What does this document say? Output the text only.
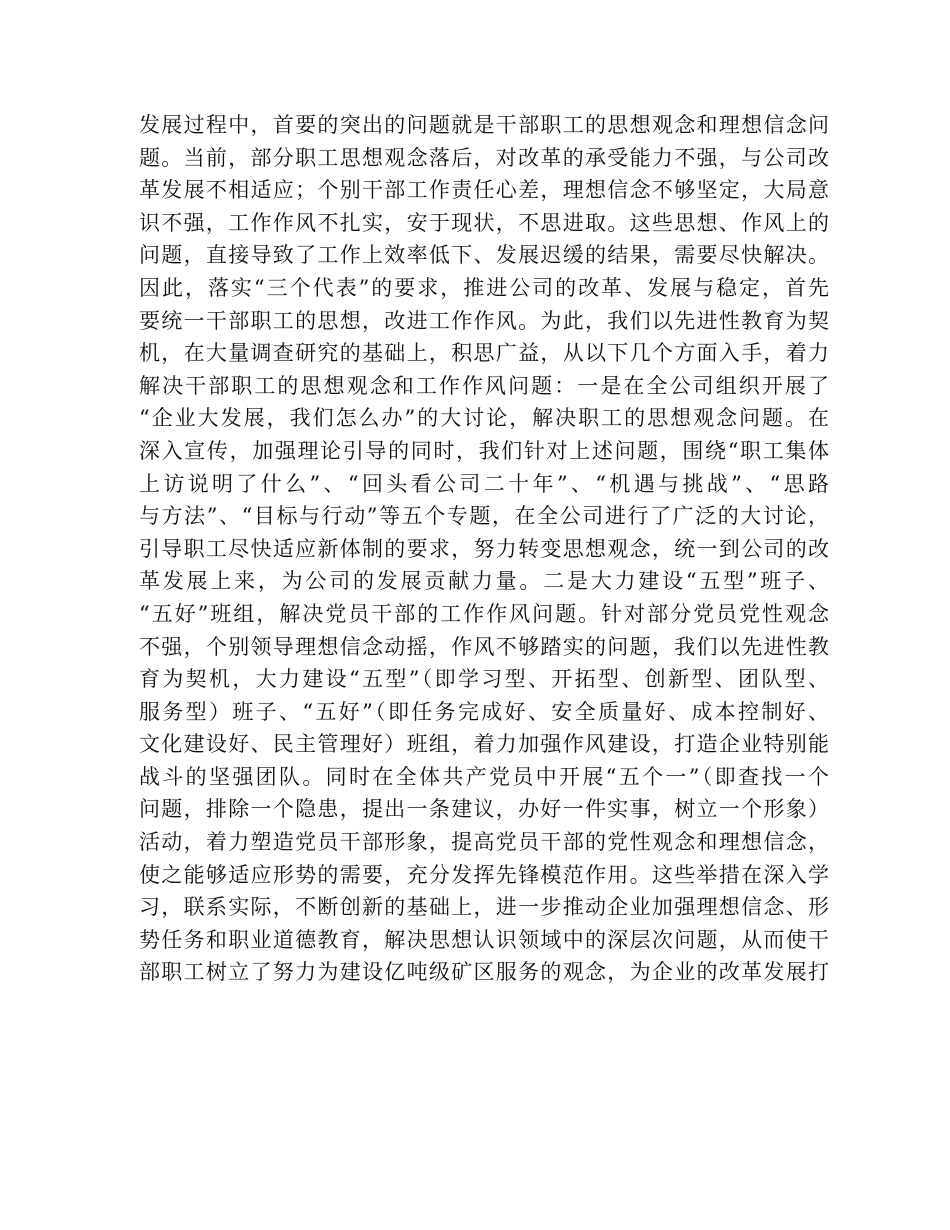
发展过程中，首要的突出的问题就是干部职工的思想观念和理想信念问
题。当前，部分职工思想观念落后，对改革的承受能力不强，与公司改
革发展不相适应；个别干部工作责任心差，理想信念不够坚定，大局意
识不强，工作作风不扎实，安于现状，不思进取。这些思想、作风上的
问题，直接导致了工作上效率低下、发展迟缓的结果，需要尽快解决。
因此，落实“三个代表”的要求，推进公司的改革、发展与稳定，首先
要统一干部职工的思想，改进工作作风。为此，我们以先进性教育为契
机，在大量调查研究的基础上，积思广益，从以下几个方面入手，着力
解决干部职工的思想观念和工作作风问题：一是在全公司组织开展了
“企业大发展，我们怎么办”的大讨论，解决职工的思想观念问题。在
深入宣传，加强理论引导的同时，我们针对上述问题，围绕“职工集体
上访说明了什么”、“回头看公司二十年”、“机遇与挑战”、“思路
与方法”、“目标与行动”等五个专题，在全公司进行了广泛的大讨论，
引导职工尽快适应新体制的要求，努力转变思想观念，统一到公司的改
革发展上来，为公司的发展贡献力量。二是大力建设“五型”班子、
“五好”班组，解决党员干部的工作作风问题。针对部分党员党性观念
不强，个别领导理想信念动摇，作风不够踏实的问题，我们以先进性教
育为契机，大力建设“五型”（即学习型、开拓型、创新型、团队型、
服务型）班子、“五好”（即任务完成好、安全质量好、成本控制好、
文化建设好、民主管理好）班组，着力加强作风建设，打造企业特别能
战斗的坚强团队。同时在全体共产党员中开展“五个一”（即查找一个
问题，排除一个隐患，提出一条建议，办好一件实事，树立一个形象）
活动，着力塑造党员干部形象，提高党员干部的党性观念和理想信念，
使之能够适应形势的需要，充分发挥先锋模范作用。这些举措在深入学
习，联系实际，不断创新的基础上，进一步推动企业加强理想信念、形
势任务和职业道德教育，解决思想认识领域中的深层次问题，从而使干
部职工树立了努力为建设亿吨级矿区服务的观念，为企业的改革发展打
